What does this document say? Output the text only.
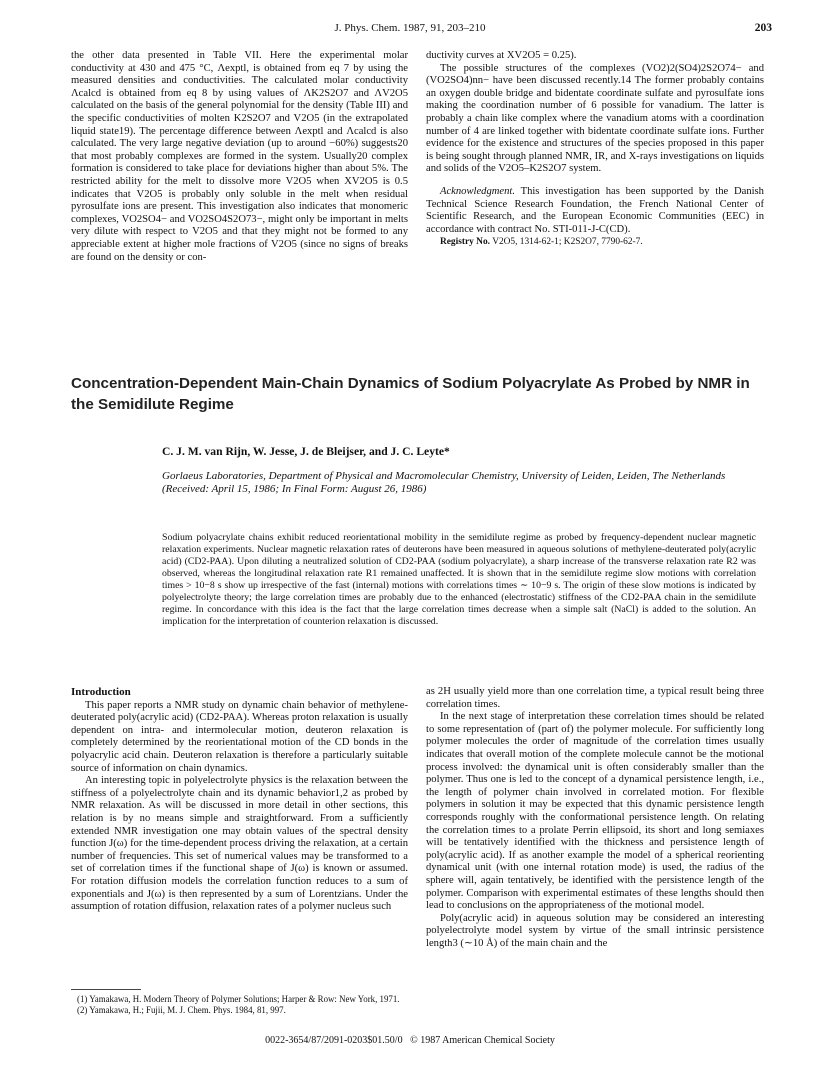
J. Phys. Chem. 1987, 91, 203–210	203

the other data presented in Table VII. Here the experimental molar conductivity at 430 and 475 °C, Λexptl, is obtained from eq 7 by using the measured densities and conductivities. The calculated molar conductivity Λcalcd is obtained from eq 8 by using values of ΛK2S2O7 and ΛV2O5 calculated on the basis of the general polynomial for the density (Table III) and the specific conductivities of molten K2S2O7 and V2O5 (in the extrapolated liquid state19). The percentage difference between Λexptl and Λcalcd is also calculated. The very large negative deviation (up to around −60%) suggests20 that most probably complexes are formed in the system. Usually20 complex formation is considered to take place for deviations higher than about 5%. The restricted ability for the melt to dissolve more V2O5 when XV2O5 is 0.5 indicates that V2O5 is probably only soluble in the melt when residual pyrosulfate ions are present. This investigation also indicates that monomeric complexes, VO2SO4− and VO2SO4S2O73−, might only be important in melts very dilute with respect to V2O5 and that they might not be formed to any appreciable extent at higher mole fractions of V2O5 (since no signs of breaks are found on the density or con-

ductivity curves at XV2O5 = 0.25).

The possible structures of the complexes (VO2)2(SO4)2S2O74− and (VO2SO4)nn− have been discussed recently.14 The former probably contains an oxygen double bridge and bidentate coordinate sulfate and pyrosulfate ions making the coordination number of 6 possible for vanadium. The latter is probably a chain like complex where the vanadium atoms with a coordination number of 4 are linked together with bidentate coordinate sulfate ions. Further evidence for the existence and structures of the species proposed in this paper is being sought through planned NMR, IR, and X-rays investigations on liquids and solids of the V2O5–K2S2O7 system.

Acknowledgment. This investigation has been supported by the Danish Technical Science Research Foundation, the French National Center of Scientific Research, and the European Economic Communities (EEC) in accordance with contract No. STI-011-J-C(CD).

Registry No. V2O5, 1314-62-1; K2S2O7, 7790-62-7.

Concentration-Dependent Main-Chain Dynamics of Sodium Polyacrylate As Probed by NMR in the Semidilute Regime
C. J. M. van Rijn, W. Jesse, J. de Bleijser, and J. C. Leyte*
Gorlaeus Laboratories, Department of Physical and Macromolecular Chemistry, University of Leiden, Leiden, The Netherlands (Received: April 15, 1986; In Final Form: August 26, 1986)
Sodium polyacrylate chains exhibit reduced reorientational mobility in the semidilute regime as probed by frequency-dependent nuclear magnetic relaxation experiments. Nuclear magnetic relaxation rates of deuterons have been measured in aqueous solutions of methylene-deuterated poly(acrylic acid) (CD2-PAA). Upon diluting a neutralized solution of CD2-PAA (sodium polyacrylate), a sharp increase of the transverse relaxation rate R2 was observed, whereas the longitudinal relaxation rate R1 remained unaffected. It is shown that in the semidilute regime slow motions with correlation times > 10−8 s show up irrespective of the fast (internal) motions with correlations times ∼ 10−9 s. The origin of these slow motions is indicated by polyelectrolyte theory; the large correlation times are probably due to the enhanced (electrostatic) stiffness of the CD2-PAA chain in the semidilute regime. In concordance with this idea is the fact that the large correlation times decrease when a simple salt (NaCl) is added to the solution. An implication for the interpretation of counterion relaxation is discussed.
Introduction

This paper reports a NMR study on dynamic chain behavior of methylene-deuterated poly(acrylic acid) (CD2-PAA). Whereas proton relaxation is usually dependent on intra- and intermolecular motion, deuteron relaxation is completely determined by the reorientational motion of the CD bonds in the polyacrylic acid chain. Deuteron relaxation is therefore a particularly suitable source of information on chain dynamics.

An interesting topic in polyelectrolyte physics is the relaxation between the stiffness of a polyelectrolyte chain and its dynamic behavior1,2 as probed by NMR relaxation. As will be discussed in more detail in other sections, this relation is by no means simple and straightforward. From a sufficiently extended NMR investigation one may obtain values of the spectral density function J(ω) for the time-dependent process driving the relaxation, at a certain number of frequencies. This set of numerical values may be transformed to a set of correlation times if the functional shape of J(ω) is known or assumed. For rotation diffusion models the correlation function reduces to a sum of exponentials and J(ω) is then represented by a sum of Lorentzians. Under the assumption of rotation diffusion, relaxation rates of a polymer nucleus such

as 2H usually yield more than one correlation time, a typical result being three correlation times.

In the next stage of interpretation these correlation times should be related to some representation of (part of) the polymer molecule. For sufficiently long polymer molecules the order of magnitude of the correlation times usually indicates that overall motion of the complete molecule cannot be the motional process involved: the dynamical unit is often considerably smaller than the polymer. Thus one is led to the concept of a dynamical persistence length, i.e., the length of polymer chain involved in correlated motion. For flexible polymers in solution it may be expected that this dynamic persistence length corresponds roughly with the conformational persistence length. On relating the correlation times to a prolate Perrin ellipsoid, its short and long semiaxes will be tentatively identified with the thickness and persistence length of poly(acrylic acid). If as another example the model of a spherical reorienting dynamical unit (with one internal rotation mode) is used, the radius of the sphere will, again tentatively, be identified with the persistence length of the polymer. Comparison with experimental estimates of these lengths should then lead to conclusions on the appropriateness of the motional model.

Poly(acrylic acid) in aqueous solution may be considered an interesting polyelectrolyte model system by virtue of the small intrinsic persistence length3 (∼10 Å) of the main chain and the

(1) Yamakawa, H. Modern Theory of Polymer Solutions; Harper & Row: New York, 1971.
(2) Yamakawa, H.; Fujii, M. J. Chem. Phys. 1984, 81, 997.
0022-3654/87/2091-0203$01.50/0 © 1987 American Chemical Society
